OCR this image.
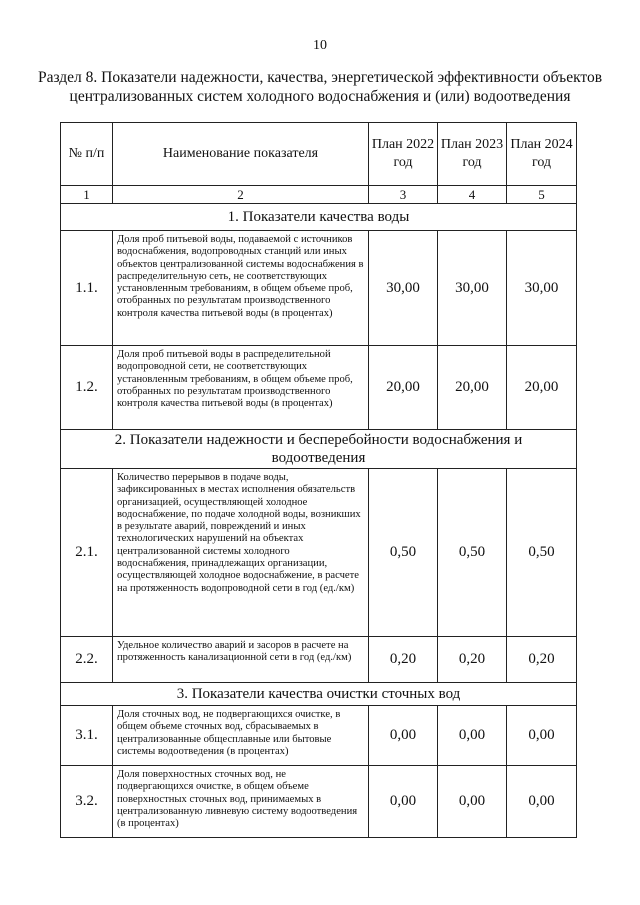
10
Раздел 8. Показатели надежности, качества, энергетической эффективности объектов централизованных систем холодного водоснабжения и (или) водоотведения
№ п/п	Наименование показателя	План 2022 год	План 2023 год	План 2024 год
1	2	3	4	5
1. Показатели качества воды				
1.1.	Доля проб питьевой воды, подаваемой с источников водоснабжения, водопроводных станций или иных объектов централизованной системы водоснабжения в распределительную сеть, не соответствующих установленным требованиям, в общем объеме проб, отобранных по результатам производственного контроля качества питьевой воды (в процентах)	30,00	30,00	30,00
1.2.	Доля проб питьевой воды в распределительной водопроводной сети, не соответствующих установленным требованиям, в общем объеме проб, отобранных по результатам производственного контроля качества питьевой воды (в процентах)	20,00	20,00	20,00
2. Показатели надежности и бесперебойности водоснабжения и водоотведения				
2.1.	Количество перерывов в подаче воды, зафиксированных в местах исполнения обязательств организацией, осуществляющей холодное водоснабжение, по подаче холодной воды, возникших в результате аварий, повреждений и иных технологических нарушений на объектах централизованной системы холодного водоснабжения, принадлежащих организации, осуществляющей холодное водоснабжение, в расчете на протяженность водопроводной сети в год (ед./км)	0,50	0,50	0,50
2.2.	Удельное количество аварий и засоров в расчете на протяженность канализационной сети в год (ед./км)	0,20	0,20	0,20
3. Показатели качества очистки сточных вод				
3.1.	Доля сточных вод, не подвергающихся очистке, в общем объеме сточных вод, сбрасываемых в централизованные общесплавные или бытовые системы водоотведения (в процентах)	0,00	0,00	0,00
3.2.	Доля поверхностных сточных вод, не подвергающихся очистке, в общем объеме поверхностных сточных вод, принимаемых в централизованную ливневую систему водоотведения (в процентах)	0,00	0,00	0,00
